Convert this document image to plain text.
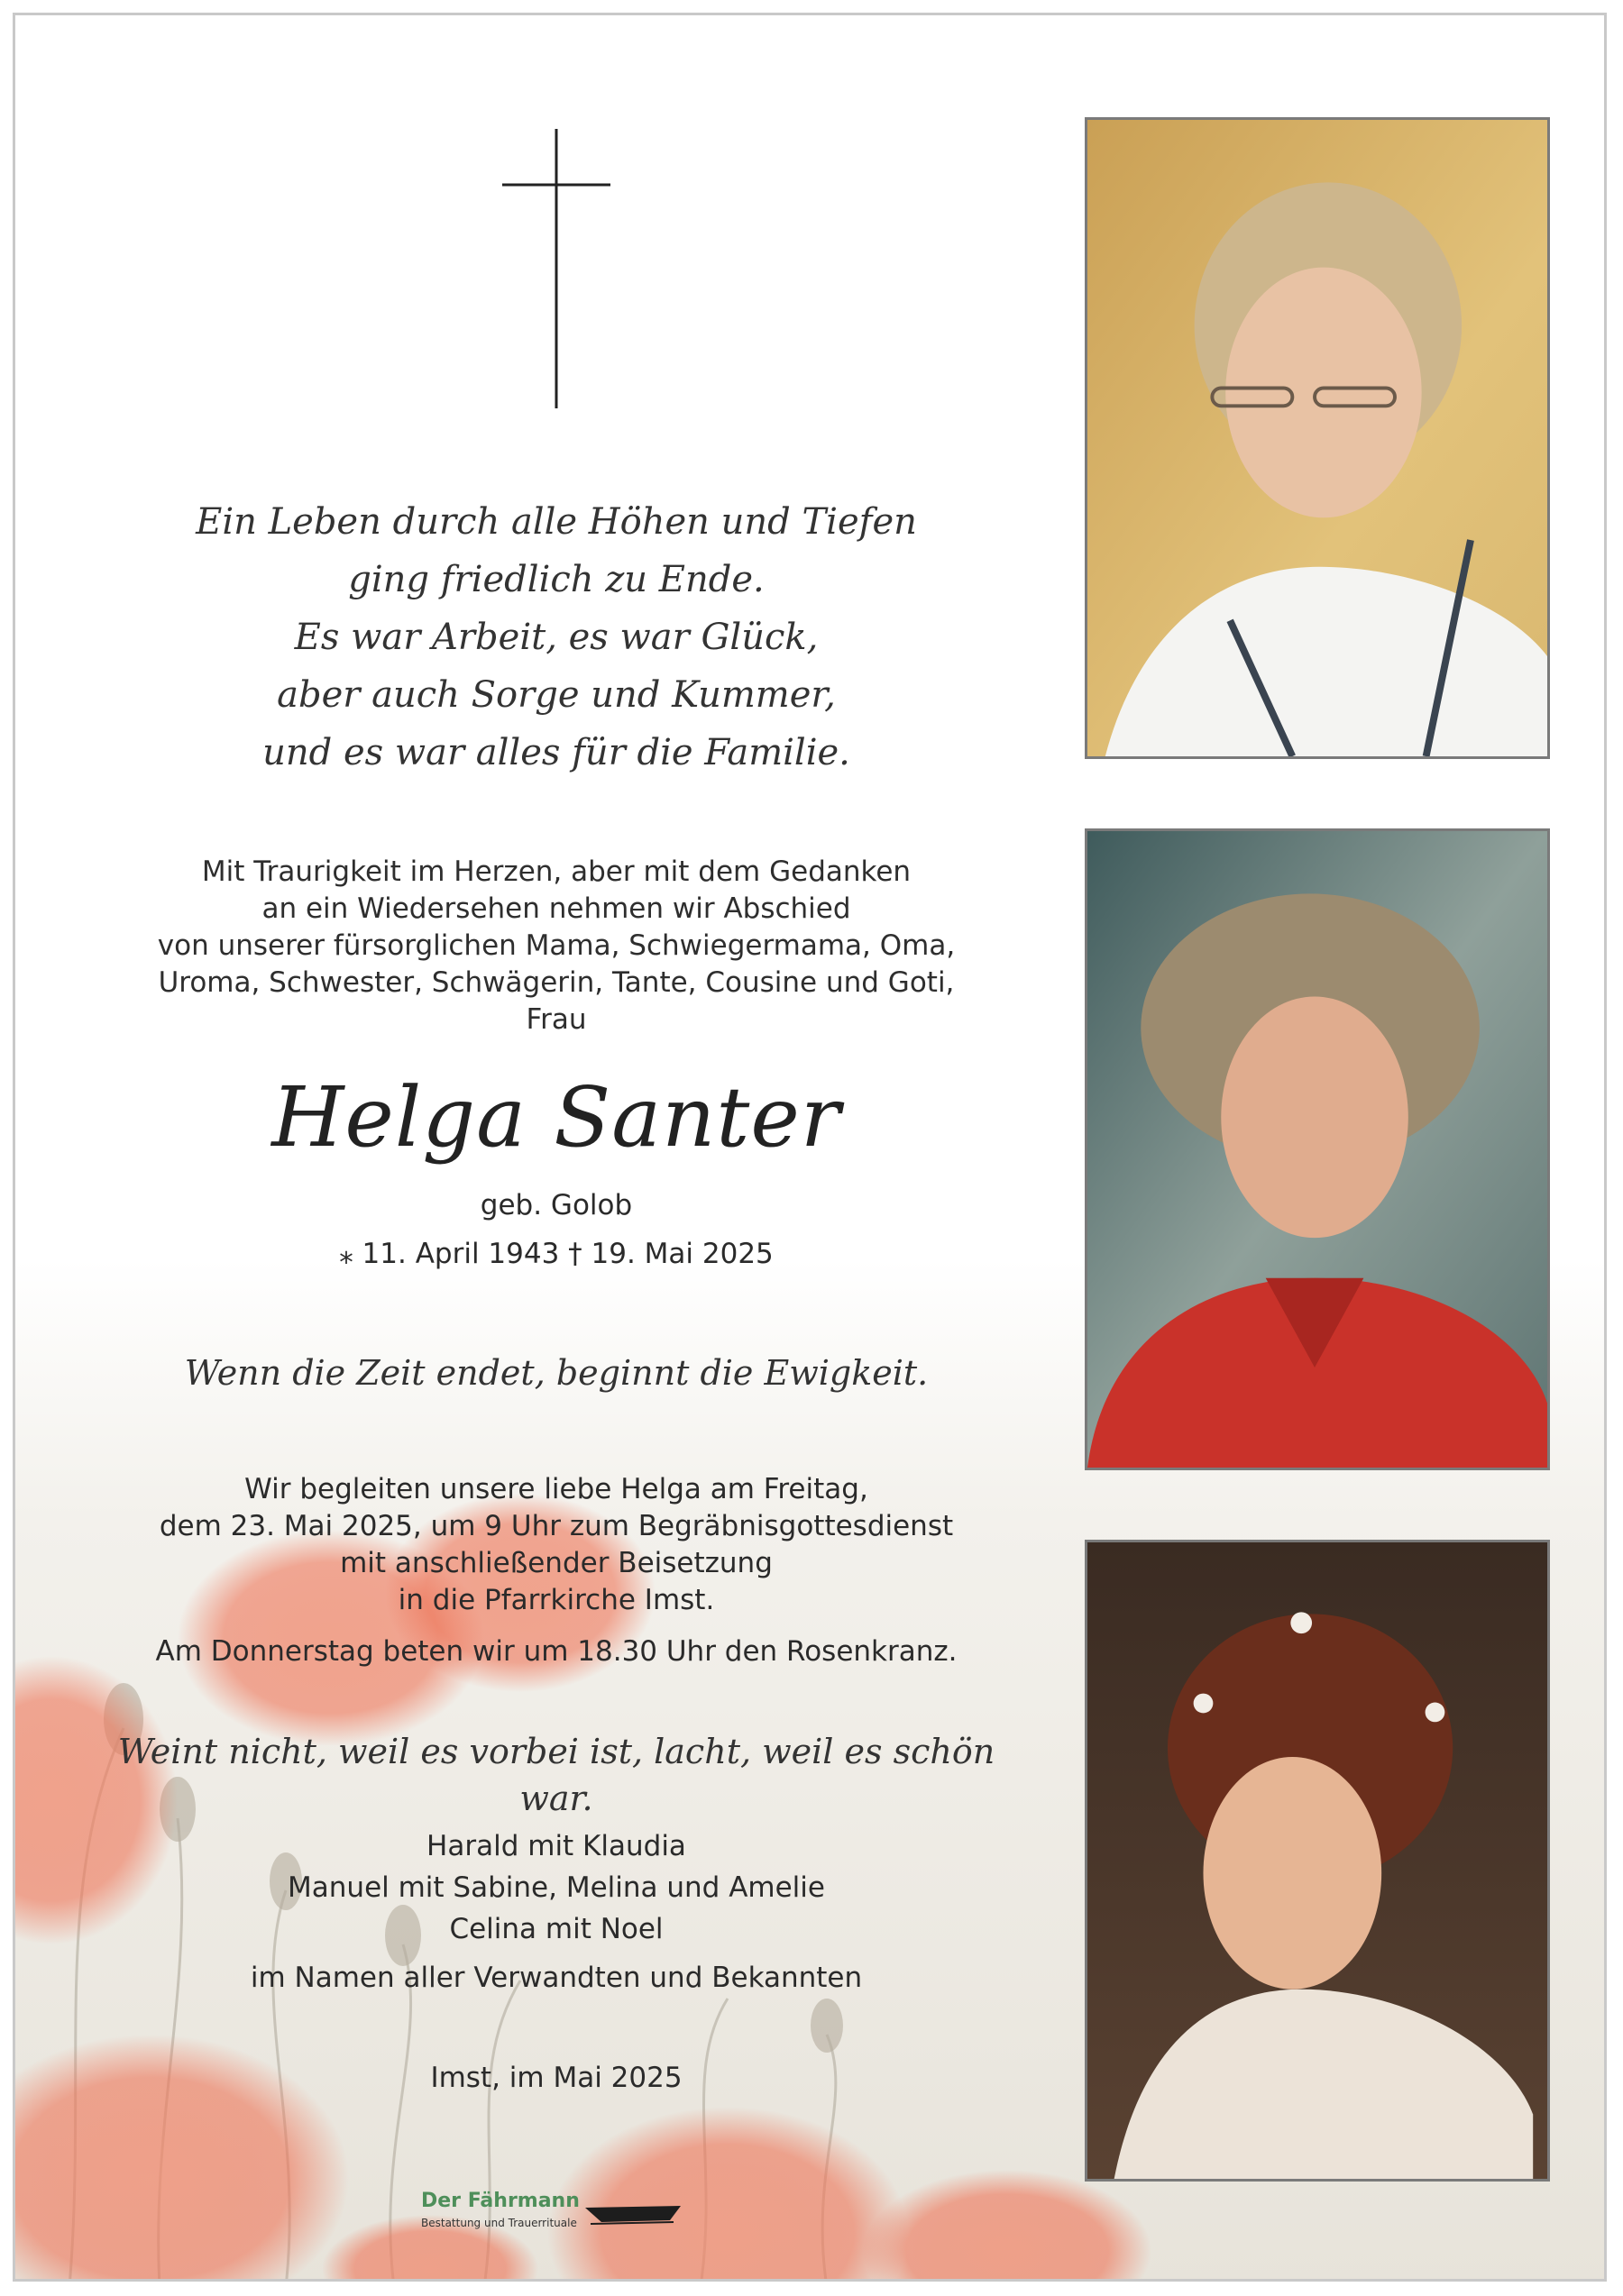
Ein Leben durch alle Höhen und Tiefen
ging friedlich zu Ende.
Es war Arbeit, es war Glück,
aber auch Sorge und Kummer,
und es war alles für die Familie.
Mit Traurigkeit im Herzen, aber mit dem Gedanken
an ein Wiedersehen nehmen wir Abschied
von unserer fürsorglichen Mama, Schwiegermama, Oma,
Uroma, Schwester, Schwägerin, Tante, Cousine und Goti,
Frau
Helga Santer
geb. Golob
⁎ 11. April 1943 † 19. Mai 2025
Wenn die Zeit endet, beginnt die Ewigkeit.
Wir begleiten unsere liebe Helga am Freitag,
dem 23. Mai 2025, um 9 Uhr zum Begräbnisgottesdienst
mit anschließender Beisetzung
in die Pfarrkirche Imst.
Am Donnerstag beten wir um 18.30 Uhr den Rosenkranz.
Weint nicht, weil es vorbei ist, lacht, weil es schön war.
Harald mit Klaudia
Manuel mit Sabine, Melina und Amelie
Celina mit Noel
im Namen aller Verwandten und Bekannten
Imst, im Mai 2025
Der Fährmann
Bestattung und Trauerrituale
